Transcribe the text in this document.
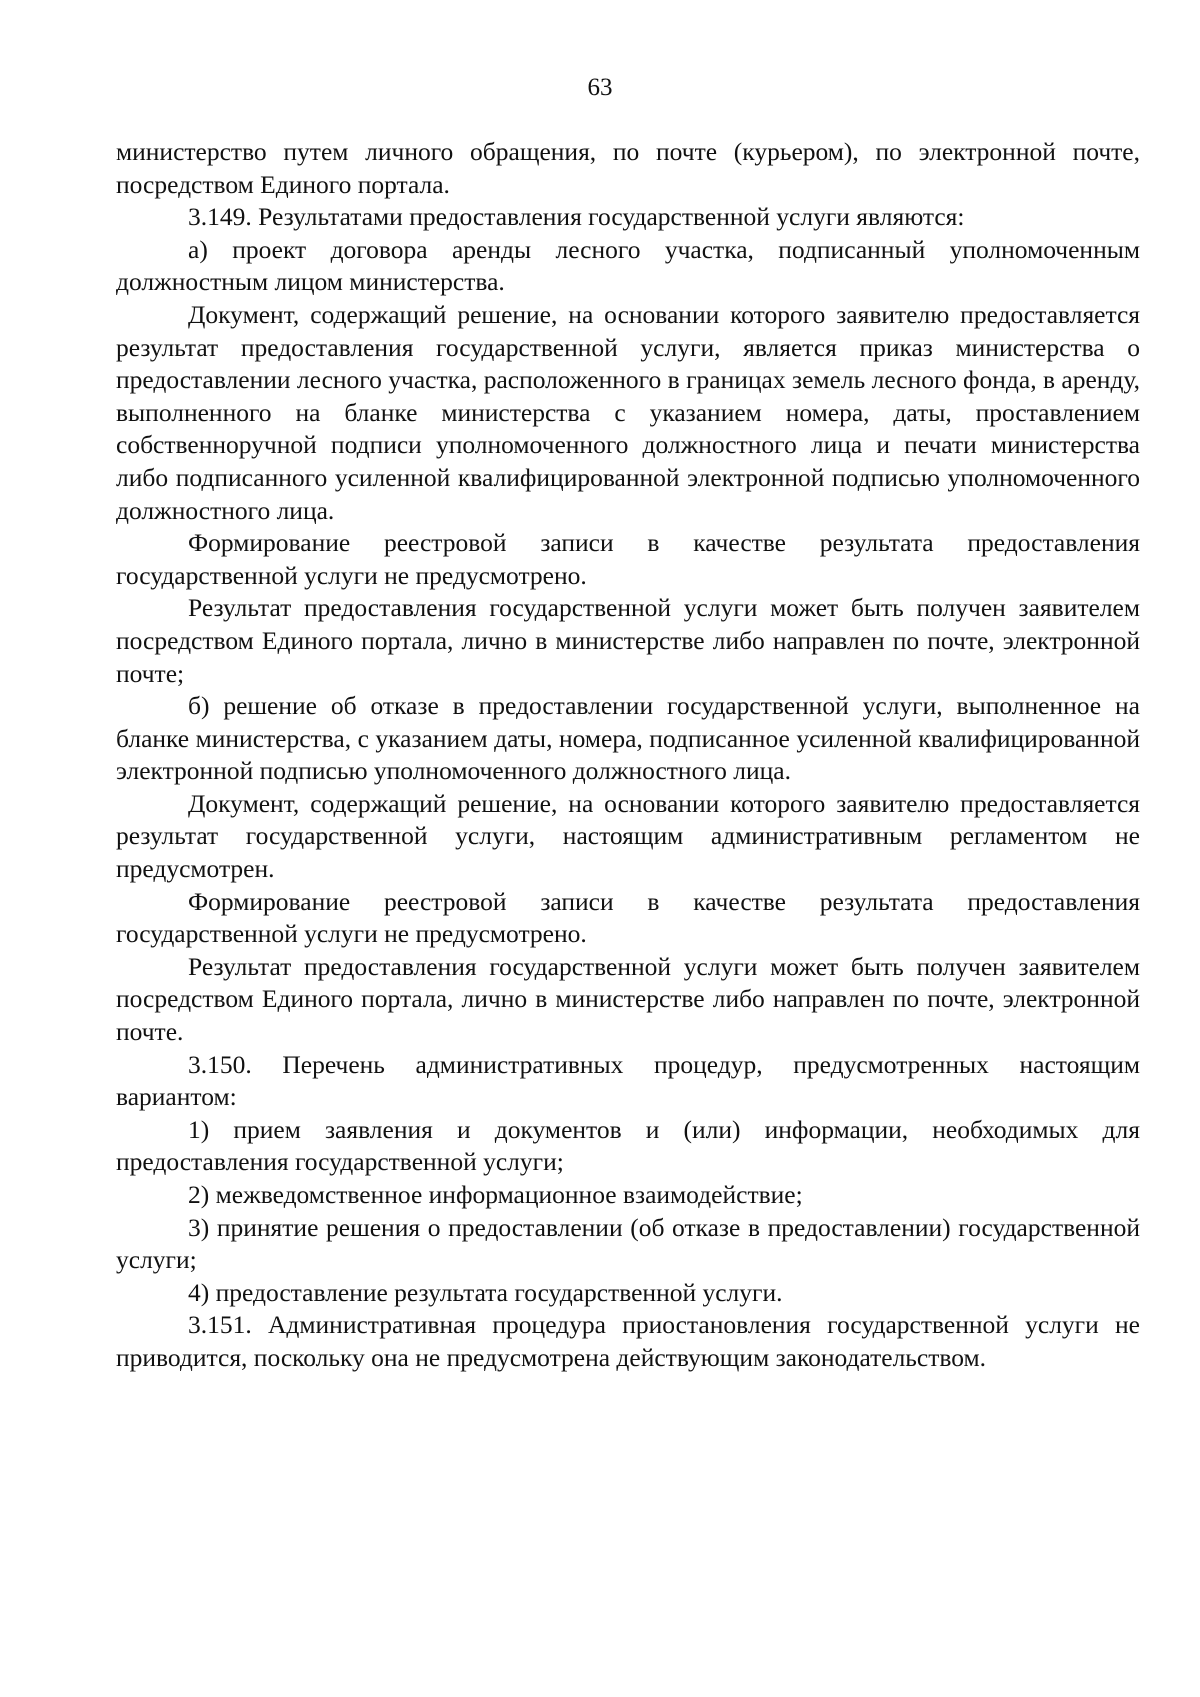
63

министерство путем личного обращения, по почте (курьером), по электронной почте, посредством Единого портала.

3.149. Результатами предоставления государственной услуги являются:

а) проект договора аренды лесного участка, подписанный уполномоченным должностным лицом министерства.

Документ, содержащий решение, на основании которого заявителю предоставляется результат предоставления государственной услуги, является приказ министерства о предоставлении лесного участка, расположенного в границах земель лесного фонда, в аренду, выполненного на бланке министерства с указанием номера, даты, проставлением собственноручной подписи уполномоченного должностного лица и печати министерства либо подписанного усиленной квалифицированной электронной подписью уполномоченного должностного лица.

Формирование реестровой записи в качестве результата предоставления государственной услуги не предусмотрено.

Результат предоставления государственной услуги может быть получен заявителем посредством Единого портала, лично в министерстве либо направлен по почте, электронной почте;

б) решение об отказе в предоставлении государственной услуги, выполненное на бланке министерства, с указанием даты, номера, подписанное усиленной квалифицированной электронной подписью уполномоченного должностного лица.

Документ, содержащий решение, на основании которого заявителю предоставляется результат государственной услуги, настоящим административным регламентом не предусмотрен.

Формирование реестровой записи в качестве результата предоставления государственной услуги не предусмотрено.

Результат предоставления государственной услуги может быть получен заявителем посредством Единого портала, лично в министерстве либо направлен по почте, электронной почте.

3.150. Перечень административных процедур, предусмотренных настоящим вариантом:

1) прием заявления и документов и (или) информации, необходимых для предоставления государственной услуги;

2) межведомственное информационное взаимодействие;

3) принятие решения о предоставлении (об отказе в предоставлении) государственной услуги;

4) предоставление результата государственной услуги.

3.151. Административная процедура приостановления государственной услуги не приводится, поскольку она не предусмотрена действующим законодательством.
